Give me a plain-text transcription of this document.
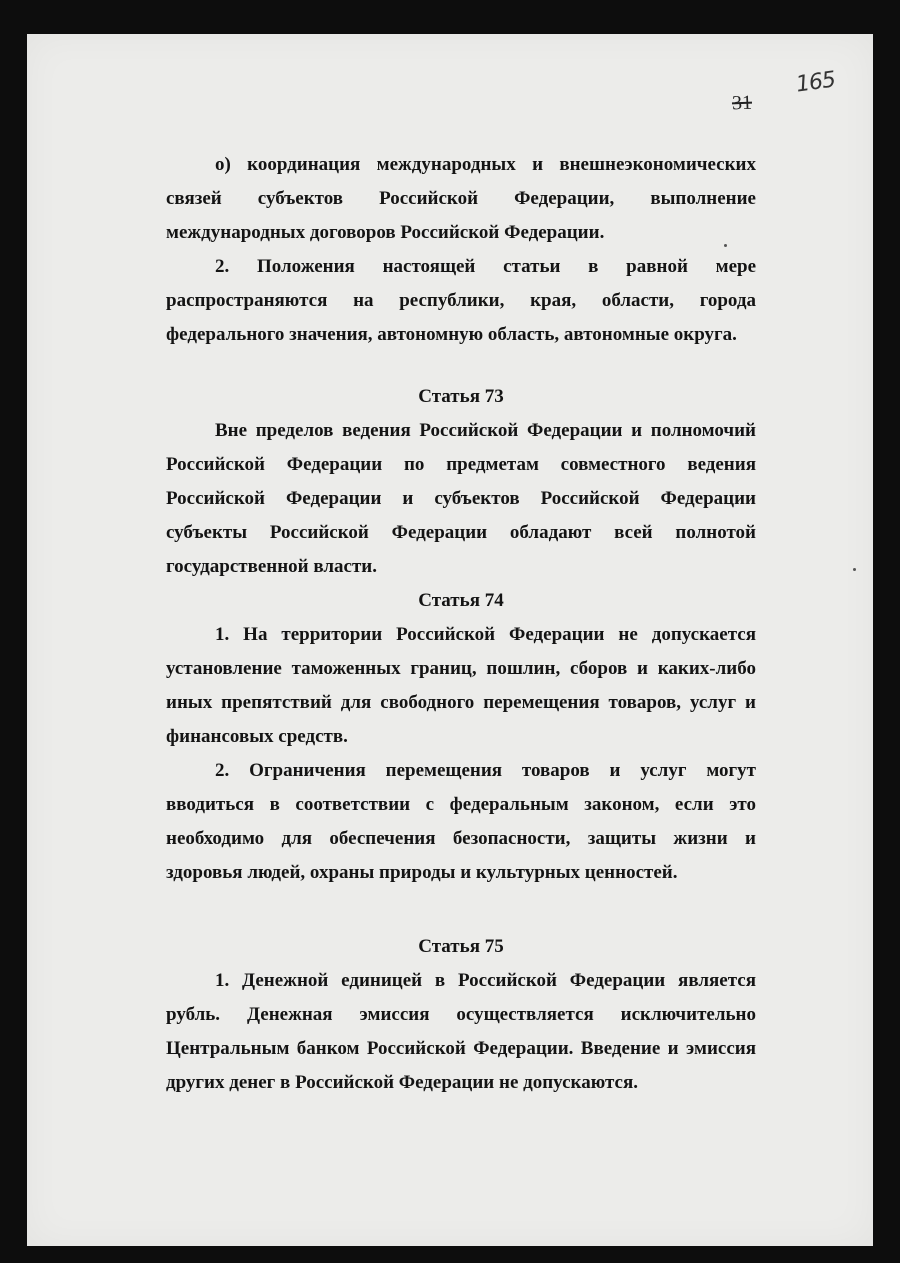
31
165

о) координация международных и внешнеэкономических связей субъектов Российской Федерации, выполнение международных договоров Российской Федерации.

2. Положения настоящей статьи в равной мере распространяются на республики, края, области, города федерального значения, автономную область, автономные округа.

Статья 73

Вне пределов ведения Российской Федерации и полномочий Российской Федерации по предметам совместного ведения Российской Федерации и субъектов Российской Федерации субъекты Российской Федерации обладают всей полнотой государственной власти.

Статья 74

1. На территории Российской Федерации не допускается установление таможенных границ, пошлин, сборов и каких-либо иных препятствий для свободного перемещения товаров, услуг и финансовых средств.

2. Ограничения перемещения товаров и услуг могут вводиться в соответствии с федеральным законом, если это необходимо для обеспечения безопасности, защиты жизни и здоровья людей, охраны природы и культурных ценностей.

Статья 75

1. Денежной единицей в Российской Федерации является рубль. Денежная эмиссия осуществляется исключительно Центральным банком Российской Федерации. Введение и эмиссия других денег в Российской Федерации не допускаются.
